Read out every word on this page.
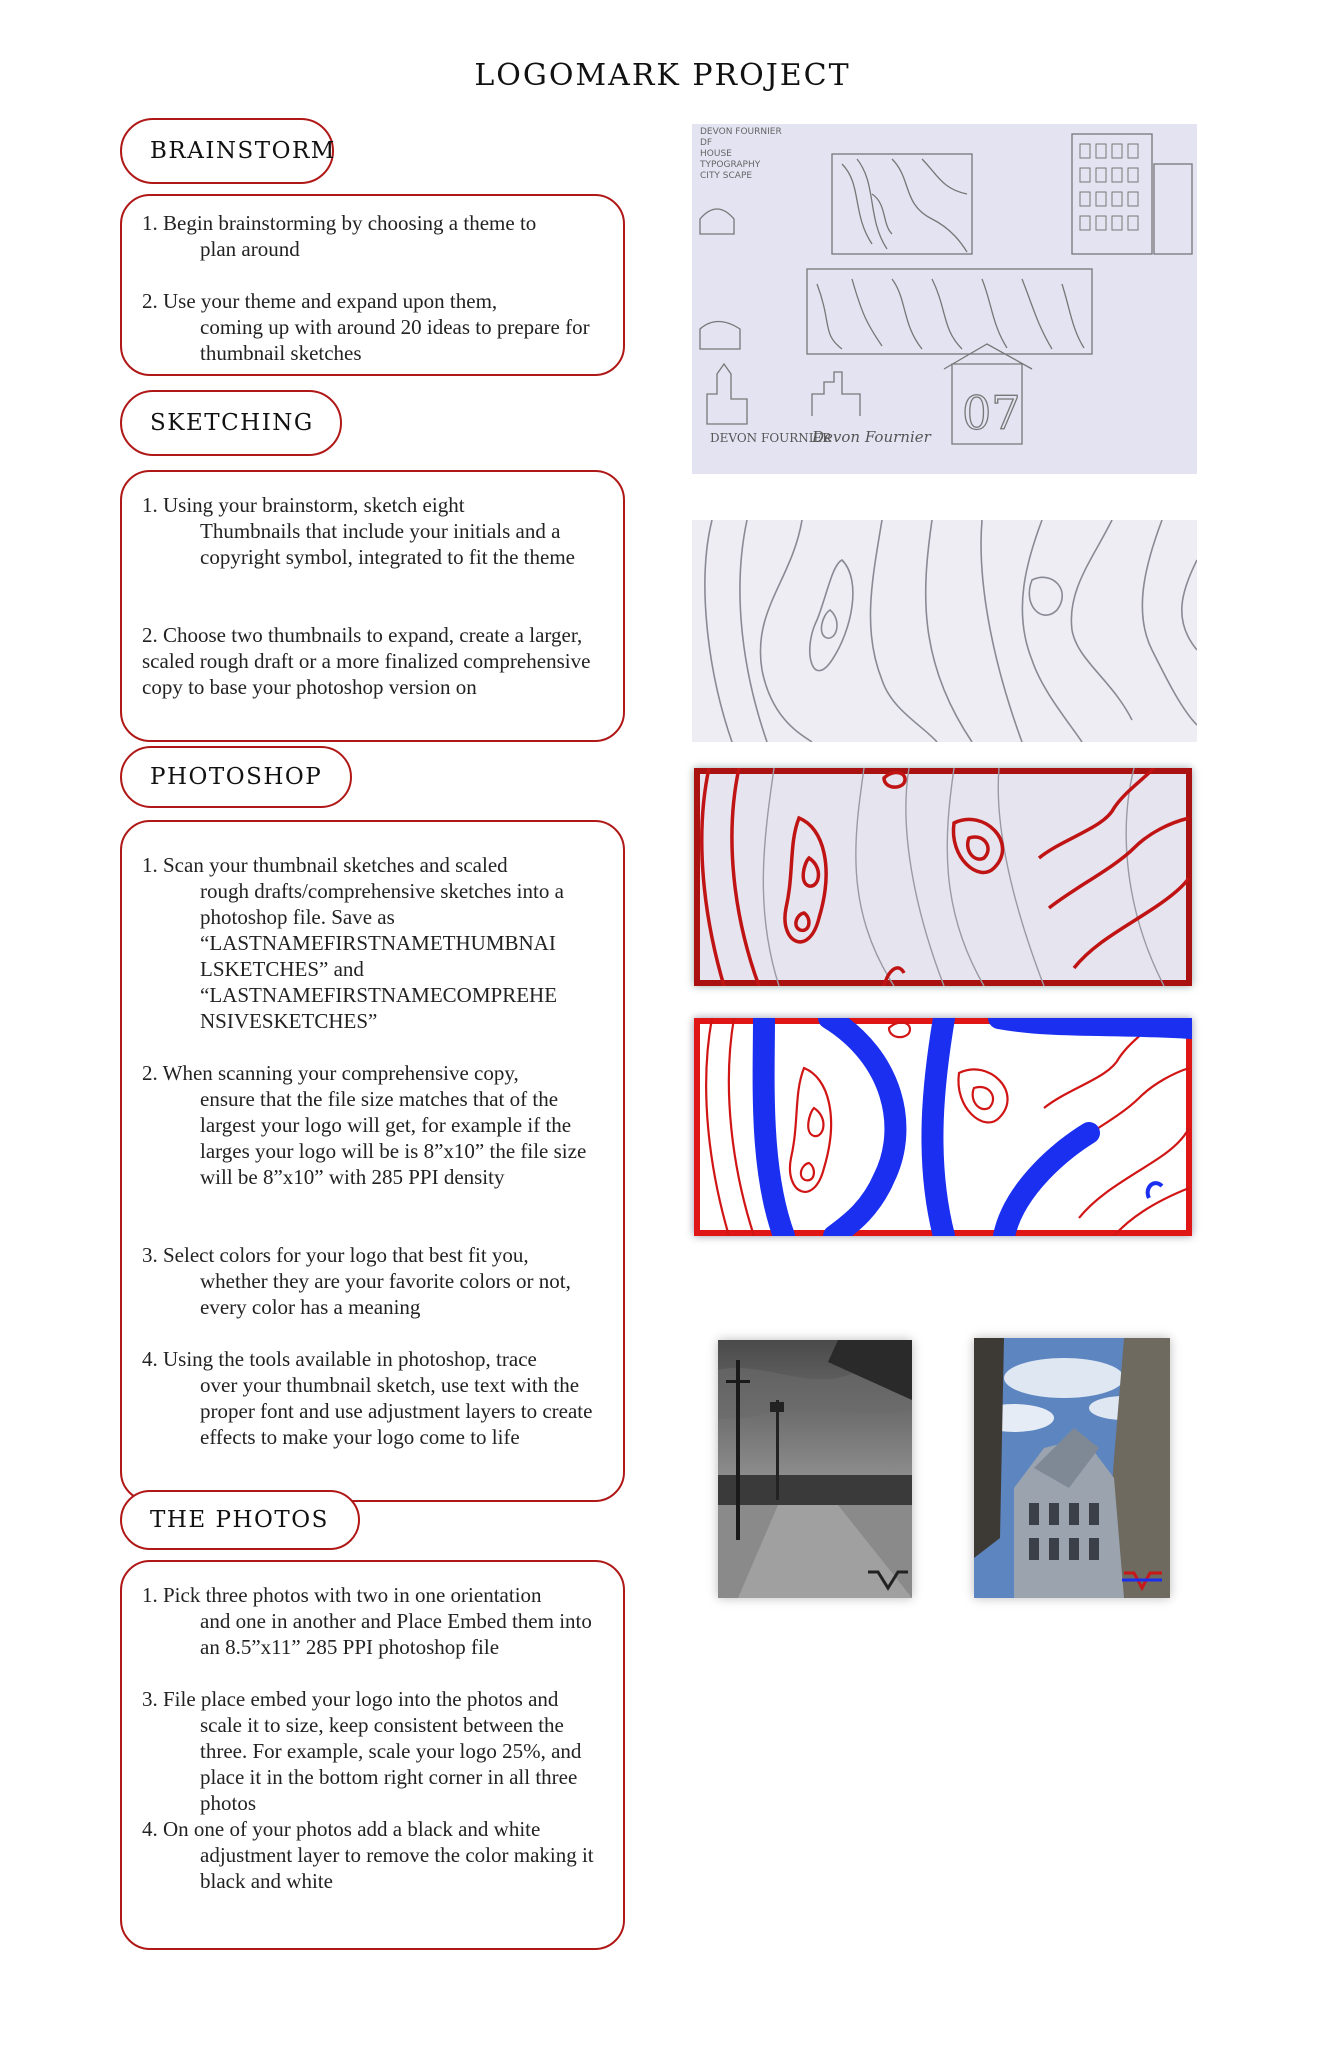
LOGOMARK PROJECT
BRAINSTORM
1. Begin brainstorming by choosing a theme to
plan around
2. Use your theme and expand upon them,
coming up with around 20 ideas to prepare for thumbnail sketches
SKETCHING
1. Using your brainstorm, sketch eight
Thumbnails that include your initials and a copyright symbol, integrated to fit the theme
2. Choose two thumbnails to expand, create a larger, scaled rough draft or a more finalized comprehensive copy to base your photoshop version on
PHOTOSHOP
1. Scan your thumbnail sketches and scaled
rough drafts/comprehensive sketches into a photoshop file. Save as “LASTNAMEFIRSTNAMETHUMBNAI LSKETCHES” and “LASTNAMEFIRSTNAMECOMPREHE NSIVESKETCHES”
2. When scanning your comprehensive copy,
ensure that the file size matches that of the largest your logo will get, for example if the larges your logo will be is 8”x10” the file size will be 8”x10” with 285 PPI density
3. Select colors for your logo that best fit you,
whether they are your favorite colors or not, every color has a meaning
4. Using the tools available in photoshop, trace
over your thumbnail sketch, use text with the proper font and use adjustment layers to create effects to make your logo come to life
THE PHOTOS
1. Pick three photos with two in one orientation
and one in another and Place Embed them into an 8.5”x11” 285 PPI photoshop file
3. File place embed your logo into the photos and
scale it to size, keep consistent between the three. For example, scale your logo 25%, and place it in the bottom right corner in all three photos
4. On one of your photos add a black and white
adjustment layer to remove the color making it black and white
DEVON FOURNIER
DF
HOUSE
TYPOGRAPHY
CITY SCAPE
07
DEVON FOURNIER
Devon Fournier
